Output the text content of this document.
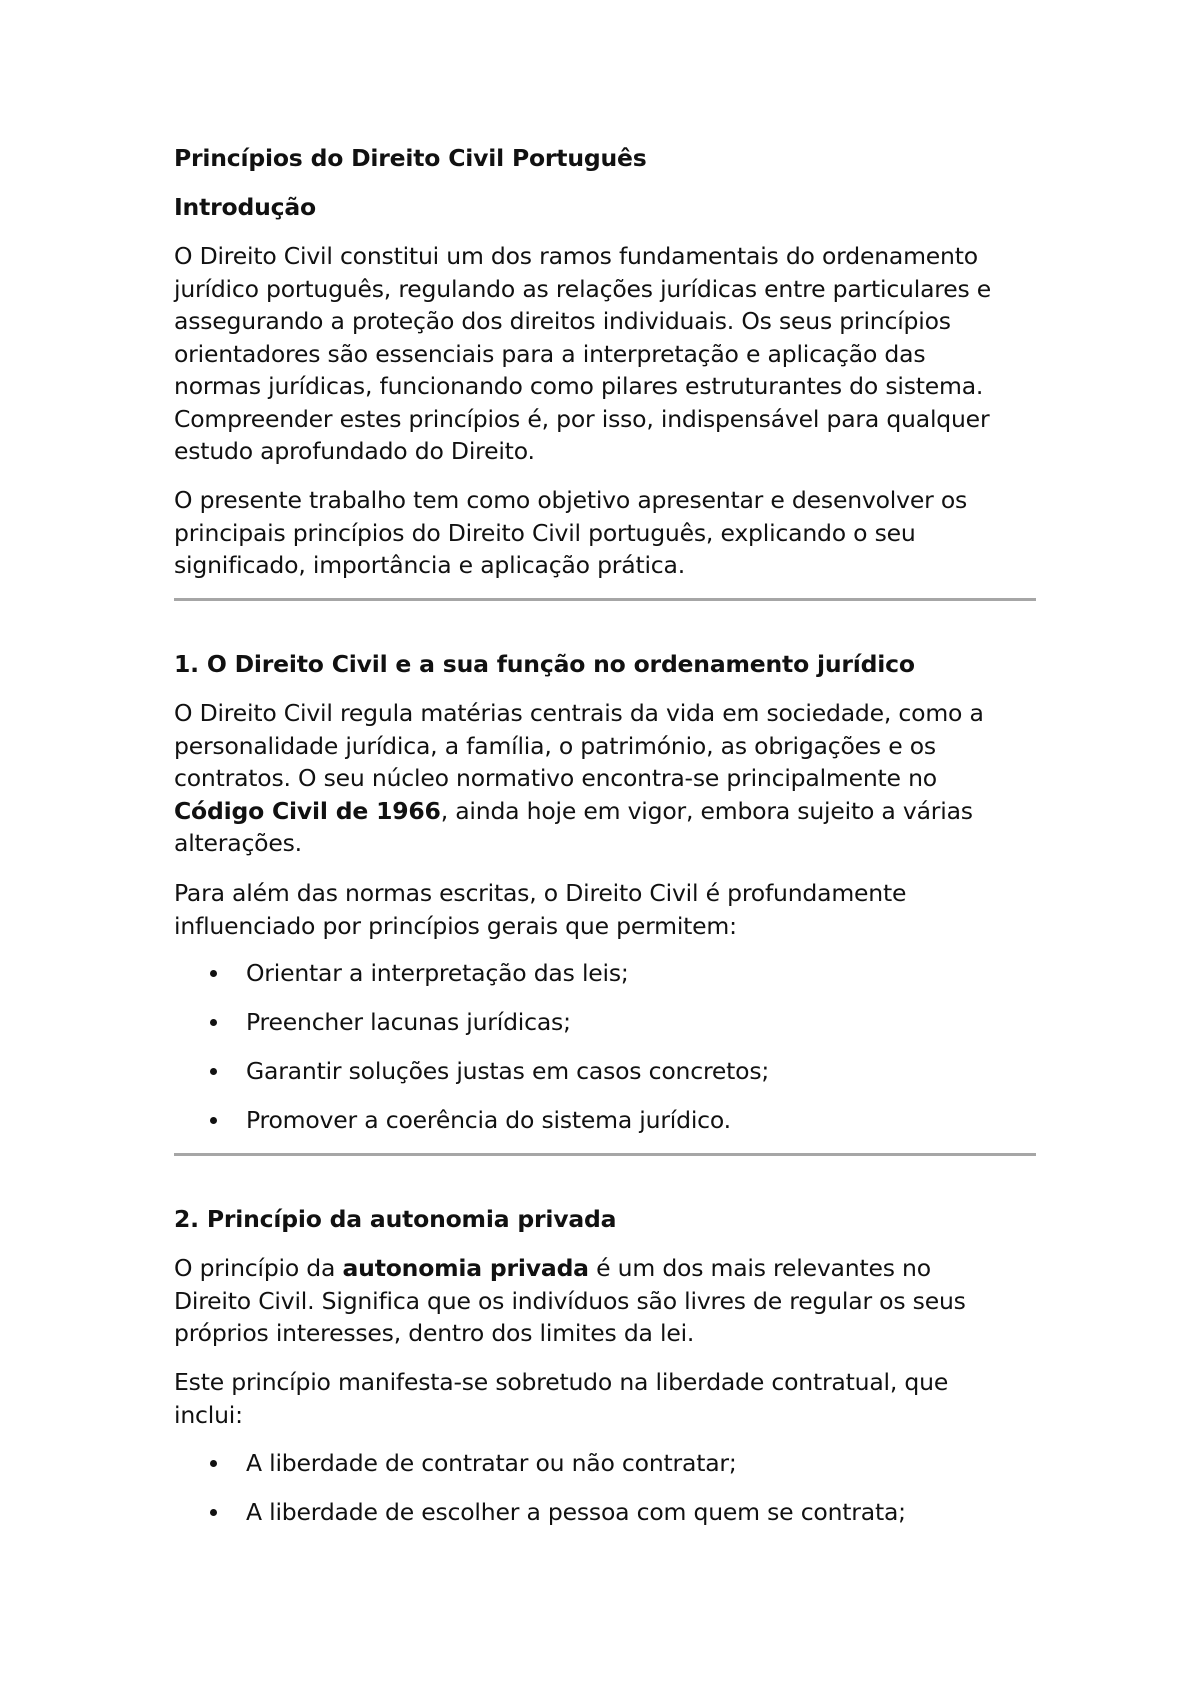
Princípios do Direito Civil Português
Introdução

O Direito Civil constitui um dos ramos fundamentais do ordenamento jurídico português, regulando as relações jurídicas entre particulares e assegurando a proteção dos direitos individuais. Os seus princípios orientadores são essenciais para a interpretação e aplicação das normas jurídicas, funcionando como pilares estruturantes do sistema. Compreender estes princípios é, por isso, indispensável para qualquer estudo aprofundado do Direito.

O presente trabalho tem como objetivo apresentar e desenvolver os principais princípios do Direito Civil português, explicando o seu significado, importância e aplicação prática.

1. O Direito Civil e a sua função no ordenamento jurídico

O Direito Civil regula matérias centrais da vida em sociedade, como a personalidade jurídica, a família, o património, as obrigações e os contratos. O seu núcleo normativo encontra-se principalmente no Código Civil de 1966, ainda hoje em vigor, embora sujeito a várias alterações.

Para além das normas escritas, o Direito Civil é profundamente influenciado por princípios gerais que permitem:

Orientar a interpretação das leis;
Preencher lacunas jurídicas;
Garantir soluções justas em casos concretos;
Promover a coerência do sistema jurídico.
2. Princípio da autonomia privada

O princípio da autonomia privada é um dos mais relevantes no Direito Civil. Significa que os indivíduos são livres de regular os seus próprios interesses, dentro dos limites da lei.

Este princípio manifesta-se sobretudo na liberdade contratual, que inclui:

A liberdade de contratar ou não contratar;
A liberdade de escolher a pessoa com quem se contrata;
